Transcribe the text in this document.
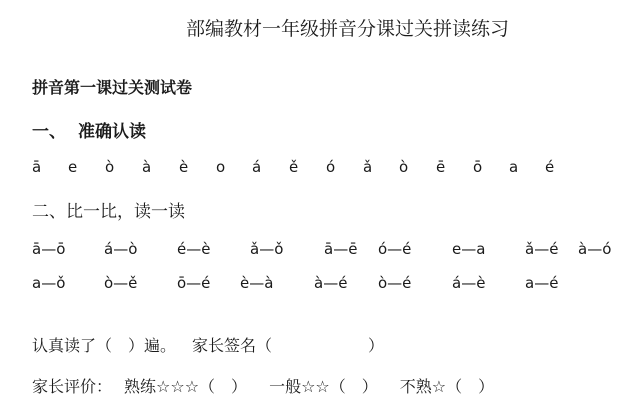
部编教材一年级拼音分课过关拼读练习
拼音第一课过关测试卷
一、 准确认读
ā e ò à è o á ě ó ǎ ò ē ō a é
二、比一比，读一读
ā—ō	á—ò	é—è	ǎ—ǒ	ā—ē ó—é	e—a	ǎ—é à—ó
a—ǒ	ò—ě	ō—é è—à	à—é ò—é	á—è	a—é
认真读了（　）遍。 家长签名（　　　　　　）
家长评价： 熟练☆☆☆（　） 一般☆☆（　） 不熟☆（　）
